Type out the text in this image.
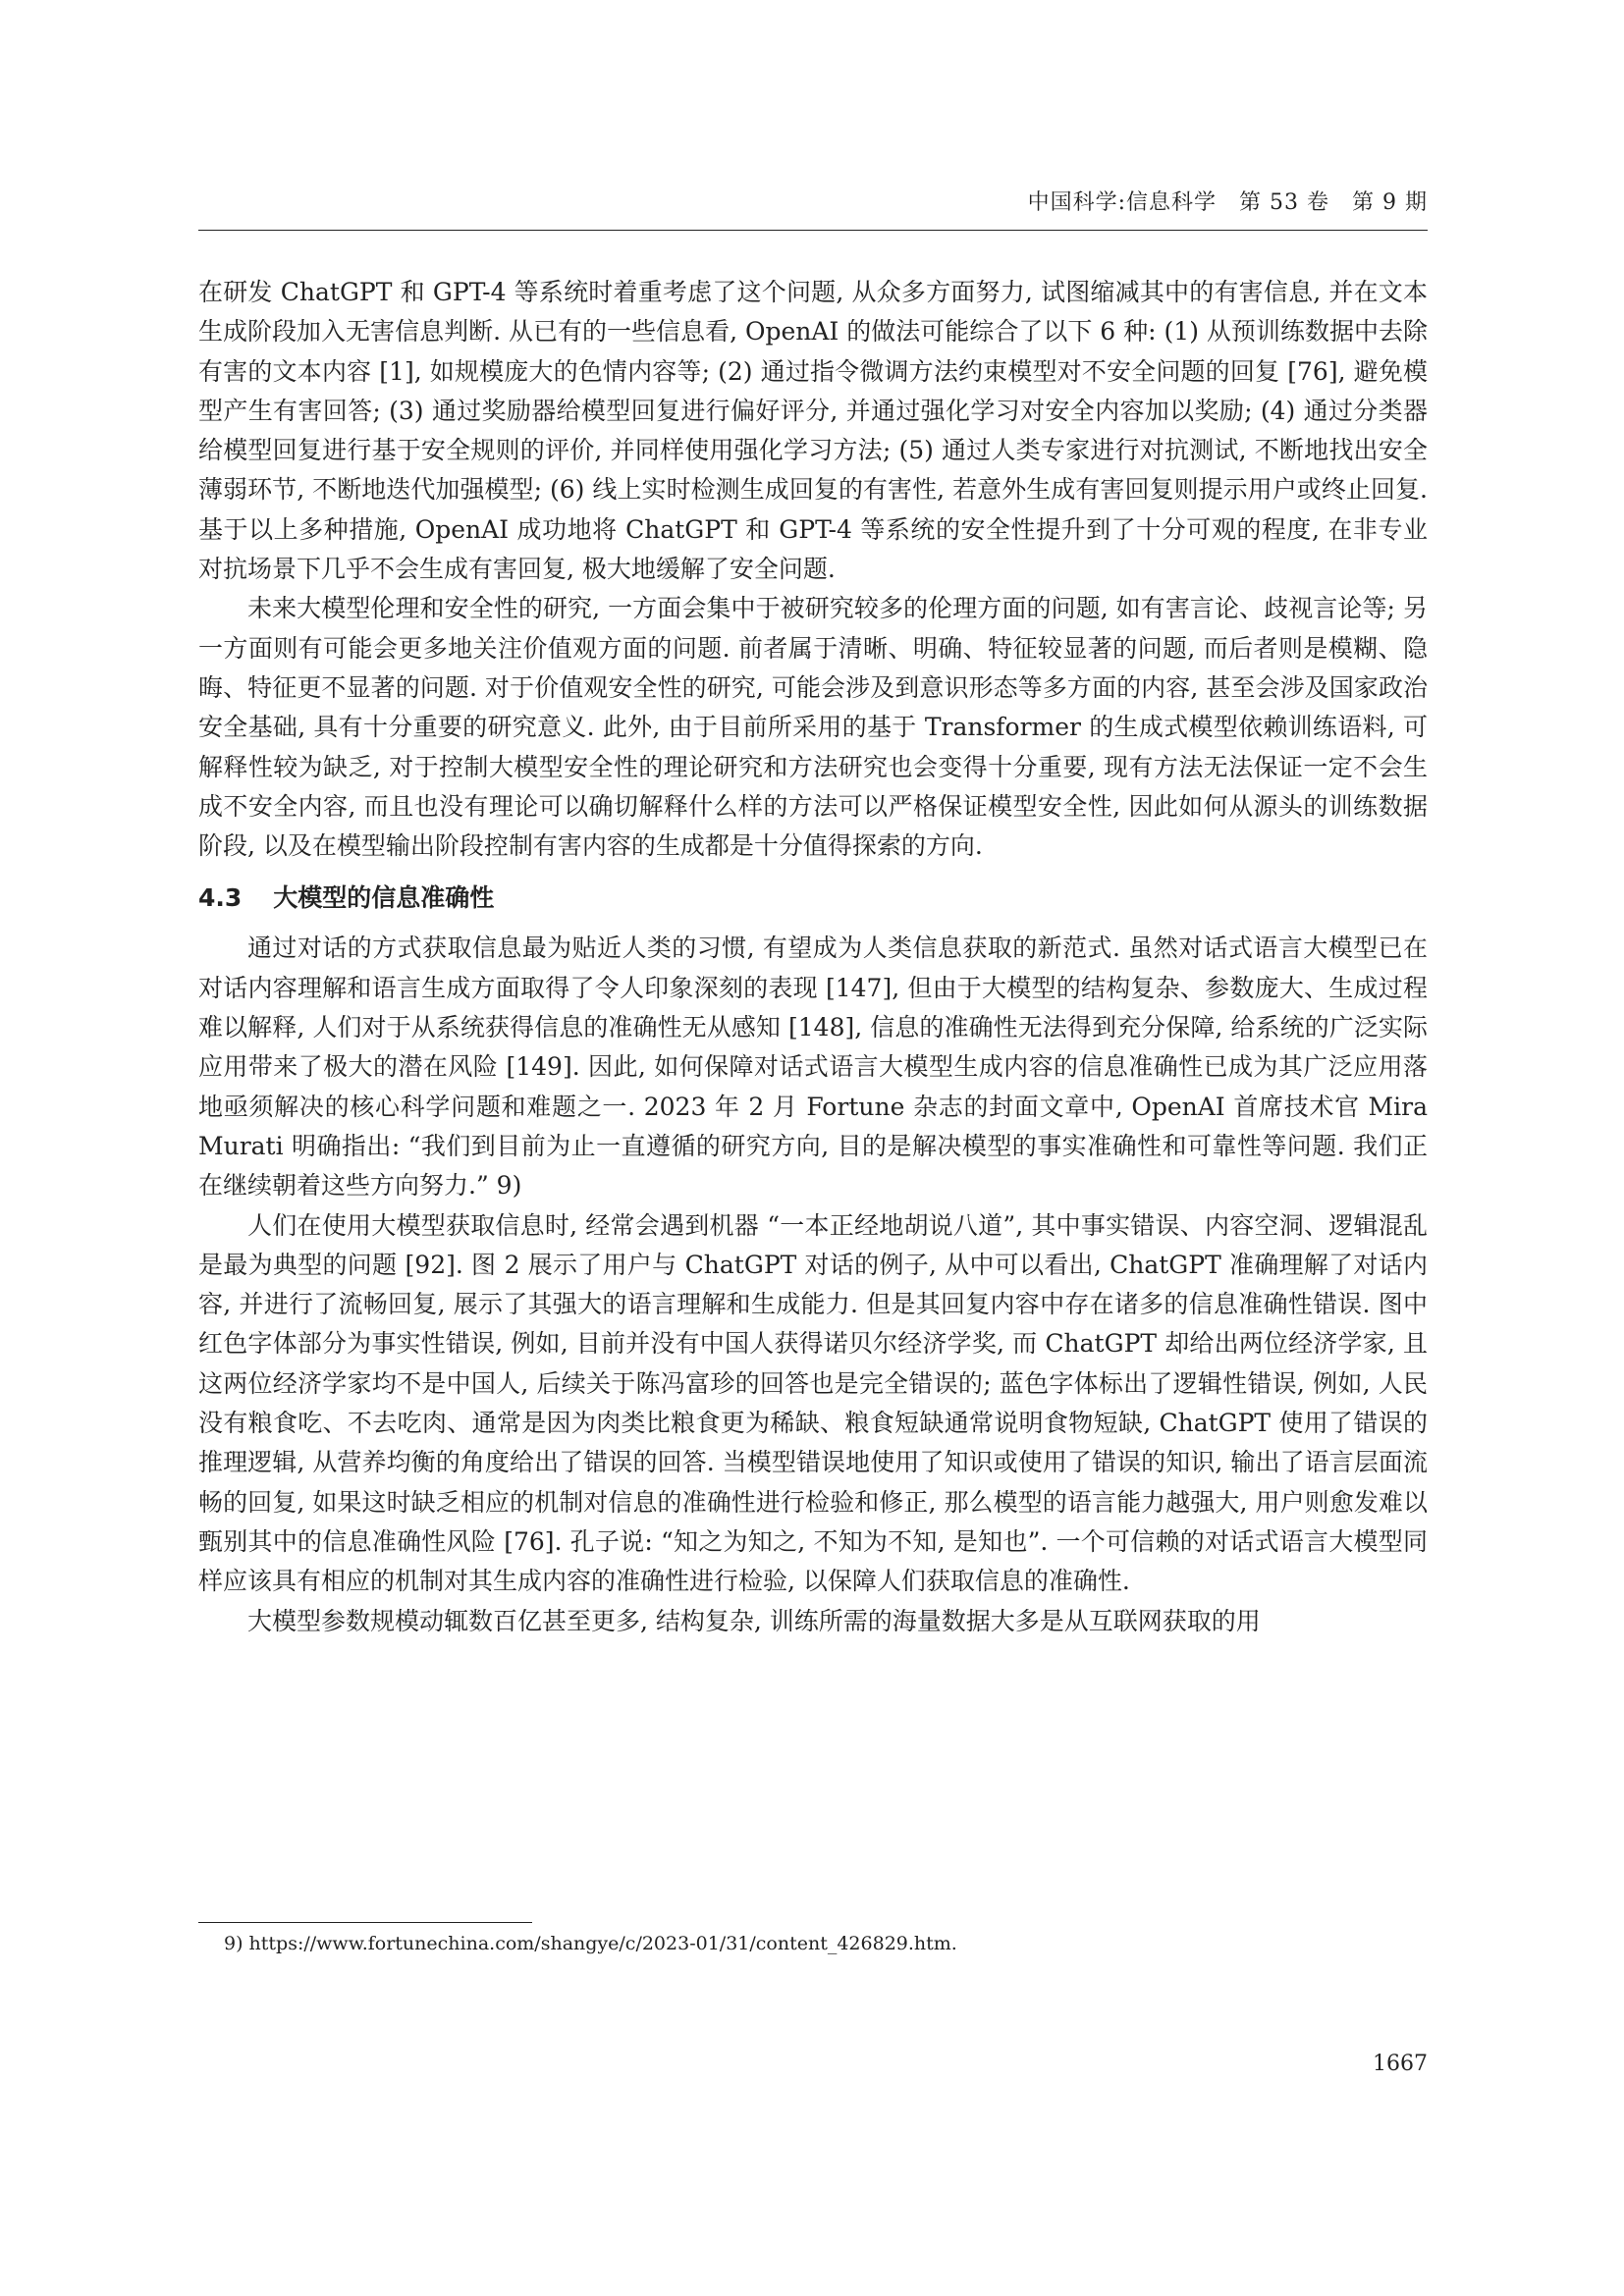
中国科学:信息科学　第 53 卷　第 9 期

在研发 ChatGPT 和 GPT-4 等系统时着重考虑了这个问题, 从众多方面努力, 试图缩减其中的有害信息, 并在文本生成阶段加入无害信息判断. 从已有的一些信息看, OpenAI 的做法可能综合了以下 6 种: (1) 从预训练数据中去除有害的文本内容 [1], 如规模庞大的色情内容等; (2) 通过指令微调方法约束模型对不安全问题的回复 [76], 避免模型产生有害回答; (3) 通过奖励器给模型回复进行偏好评分, 并通过强化学习对安全内容加以奖励; (4) 通过分类器给模型回复进行基于安全规则的评价, 并同样使用强化学习方法; (5) 通过人类专家进行对抗测试, 不断地找出安全薄弱环节, 不断地迭代加强模型; (6) 线上实时检测生成回复的有害性, 若意外生成有害回复则提示用户或终止回复. 基于以上多种措施, OpenAI 成功地将 ChatGPT 和 GPT-4 等系统的安全性提升到了十分可观的程度, 在非专业对抗场景下几乎不会生成有害回复, 极大地缓解了安全问题.

未来大模型伦理和安全性的研究, 一方面会集中于被研究较多的伦理方面的问题, 如有害言论、歧视言论等; 另一方面则有可能会更多地关注价值观方面的问题. 前者属于清晰、明确、特征较显著的问题, 而后者则是模糊、隐晦、特征更不显著的问题. 对于价值观安全性的研究, 可能会涉及到意识形态等多方面的内容, 甚至会涉及国家政治安全基础, 具有十分重要的研究意义. 此外, 由于目前所采用的基于 Transformer 的生成式模型依赖训练语料, 可解释性较为缺乏, 对于控制大模型安全性的理论研究和方法研究也会变得十分重要, 现有方法无法保证一定不会生成不安全内容, 而且也没有理论可以确切解释什么样的方法可以严格保证模型安全性, 因此如何从源头的训练数据阶段, 以及在模型输出阶段控制有害内容的生成都是十分值得探索的方向.

4.3 大模型的信息准确性

通过对话的方式获取信息最为贴近人类的习惯, 有望成为人类信息获取的新范式. 虽然对话式语言大模型已在对话内容理解和语言生成方面取得了令人印象深刻的表现 [147], 但由于大模型的结构复杂、参数庞大、生成过程难以解释, 人们对于从系统获得信息的准确性无从感知 [148], 信息的准确性无法得到充分保障, 给系统的广泛实际应用带来了极大的潜在风险 [149]. 因此, 如何保障对话式语言大模型生成内容的信息准确性已成为其广泛应用落地亟须解决的核心科学问题和难题之一. 2023 年 2 月 Fortune 杂志的封面文章中, OpenAI 首席技术官 Mira Murati 明确指出: “我们到目前为止一直遵循的研究方向, 目的是解决模型的事实准确性和可靠性等问题. 我们正在继续朝着这些方向努力.” 9)

人们在使用大模型获取信息时, 经常会遇到机器 “一本正经地胡说八道”, 其中事实错误、内容空洞、逻辑混乱是最为典型的问题 [92]. 图 2 展示了用户与 ChatGPT 对话的例子, 从中可以看出, ChatGPT 准确理解了对话内容, 并进行了流畅回复, 展示了其强大的语言理解和生成能力. 但是其回复内容中存在诸多的信息准确性错误. 图中红色字体部分为事实性错误, 例如, 目前并没有中国人获得诺贝尔经济学奖, 而 ChatGPT 却给出两位经济学家, 且这两位经济学家均不是中国人, 后续关于陈冯富珍的回答也是完全错误的; 蓝色字体标出了逻辑性错误, 例如, 人民没有粮食吃、不去吃肉、通常是因为肉类比粮食更为稀缺、粮食短缺通常说明食物短缺, ChatGPT 使用了错误的推理逻辑, 从营养均衡的角度给出了错误的回答. 当模型错误地使用了知识或使用了错误的知识, 输出了语言层面流畅的回复, 如果这时缺乏相应的机制对信息的准确性进行检验和修正, 那么模型的语言能力越强大, 用户则愈发难以甄别其中的信息准确性风险 [76]. 孔子说: “知之为知之, 不知为不知, 是知也”. 一个可信赖的对话式语言大模型同样应该具有相应的机制对其生成内容的准确性进行检验, 以保障人们获取信息的准确性.

大模型参数规模动辄数百亿甚至更多, 结构复杂, 训练所需的海量数据大多是从互联网获取的用

9) https://www.fortunechina.com/shangye/c/2023-01/31/content_426829.htm.
1667
